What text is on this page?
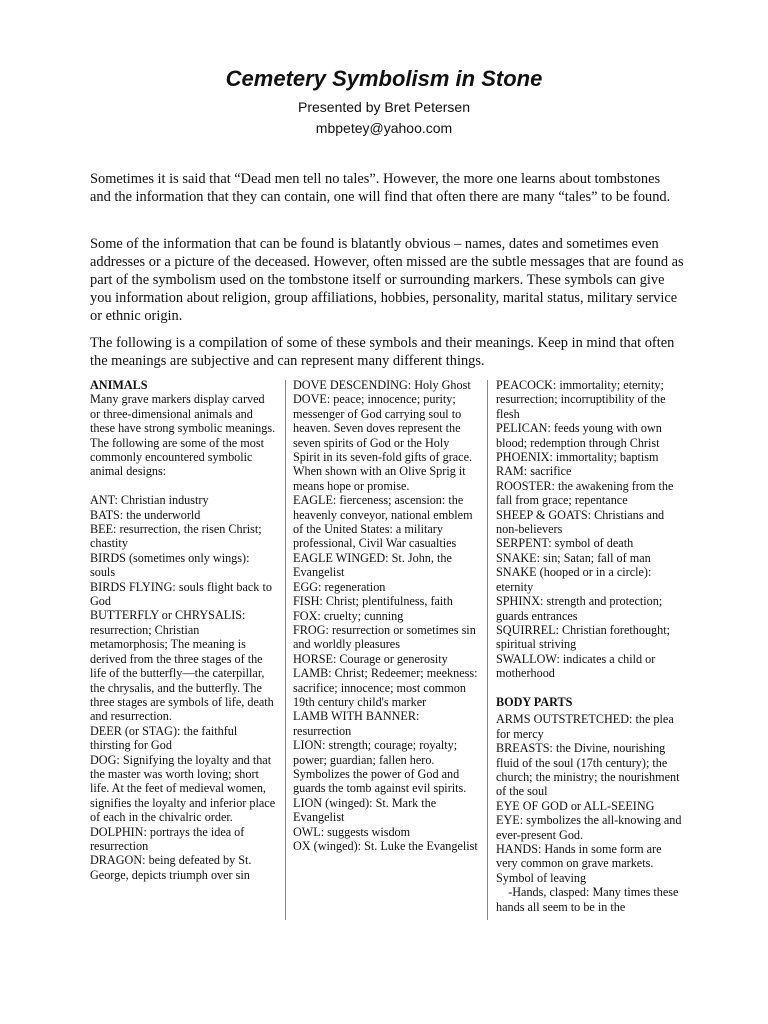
Cemetery Symbolism in Stone
Presented by Bret Petersen
mbpetey@yahoo.com

Sometimes it is said that “Dead men tell no tales”. However, the more one learns about tombstones and the information that they can contain, one will find that often there are many “tales” to be found.

Some of the information that can be found is blatantly obvious – names, dates and sometimes even addresses or a picture of the deceased. However, often missed are the subtle messages that are found as part of the symbolism used on the tombstone itself or surrounding markers. These symbols can give you information about religion, group affiliations, hobbies, personality, marital status, military service or ethnic origin.

The following is a compilation of some of these symbols and their meanings. Keep in mind that often the meanings are subjective and can represent many different things.

ANIMALS
Many grave markers display carved or three-dimensional animals and these have strong symbolic meanings. The following are some of the most commonly encountered symbolic animal designs:
ANT: Christian industry
BATS: the underworld
BEE: resurrection, the risen Christ; chastity
BIRDS (sometimes only wings): souls
BIRDS FLYING: souls flight back to God
BUTTERFLY or CHRYSALIS: resurrection; Christian metamorphosis; The meaning is derived from the three stages of the life of the butterfly—the caterpillar, the chrysalis, and the butterfly. The three stages are symbols of life, death and resurrection.
DEER (or STAG): the faithful thirsting for God
DOG: Signifying the loyalty and that the master was worth loving; short life. At the feet of medieval women, signifies the loyalty and inferior place of each in the chivalric order.
DOLPHIN: portrays the idea of resurrection
DRAGON: being defeated by St. George, depicts triumph over sin
DOVE DESCENDING: Holy Ghost
DOVE: peace; innocence; purity; messenger of God carrying soul to heaven. Seven doves represent the seven spirits of God or the Holy Spirit in its seven-fold gifts of grace. When shown with an Olive Sprig it means hope or promise.
EAGLE: fierceness; ascension: the heavenly conveyor, national emblem of the United States: a military professional, Civil War casualties
EAGLE WINGED: St. John, the Evangelist
EGG: regeneration
FISH: Christ; plentifulness, faith
FOX: cruelty; cunning
FROG: resurrection or sometimes sin and worldly pleasures
HORSE: Courage or generosity
LAMB: Christ; Redeemer; meekness: sacrifice; innocence; most common 19th century child's marker
LAMB WITH BANNER: resurrection
LION: strength; courage; royalty; power; guardian; fallen hero. Symbolizes the power of God and guards the tomb against evil spirits.
LION (winged): St. Mark the Evangelist
OWL: suggests wisdom
OX (winged): St. Luke the Evangelist
PEACOCK: immortality; eternity; resurrection; incorruptibility of the flesh
PELICAN: feeds young with own blood; redemption through Christ
PHOENIX: immortality; baptism
RAM: sacrifice
ROOSTER: the awakening from the fall from grace; repentance
SHEEP & GOATS: Christians and non-believers
SERPENT: symbol of death
SNAKE: sin; Satan; fall of man
SNAKE (hooped or in a circle): eternity
SPHINX: strength and protection; guards entrances
SQUIRREL: Christian forethought; spiritual striving
SWALLOW: indicates a child or motherhood
BODY PARTS
ARMS OUTSTRETCHED: the plea for mercy
BREASTS: the Divine, nourishing fluid of the soul (17th century); the church; the ministry; the nourishment of the soul
EYE OF GOD or ALL-SEEING EYE: symbolizes the all-knowing and ever-present God.
HANDS: Hands in some form are very common on grave markets. Symbol of leaving
-Hands, clasped: Many times these hands all seem to be in the
